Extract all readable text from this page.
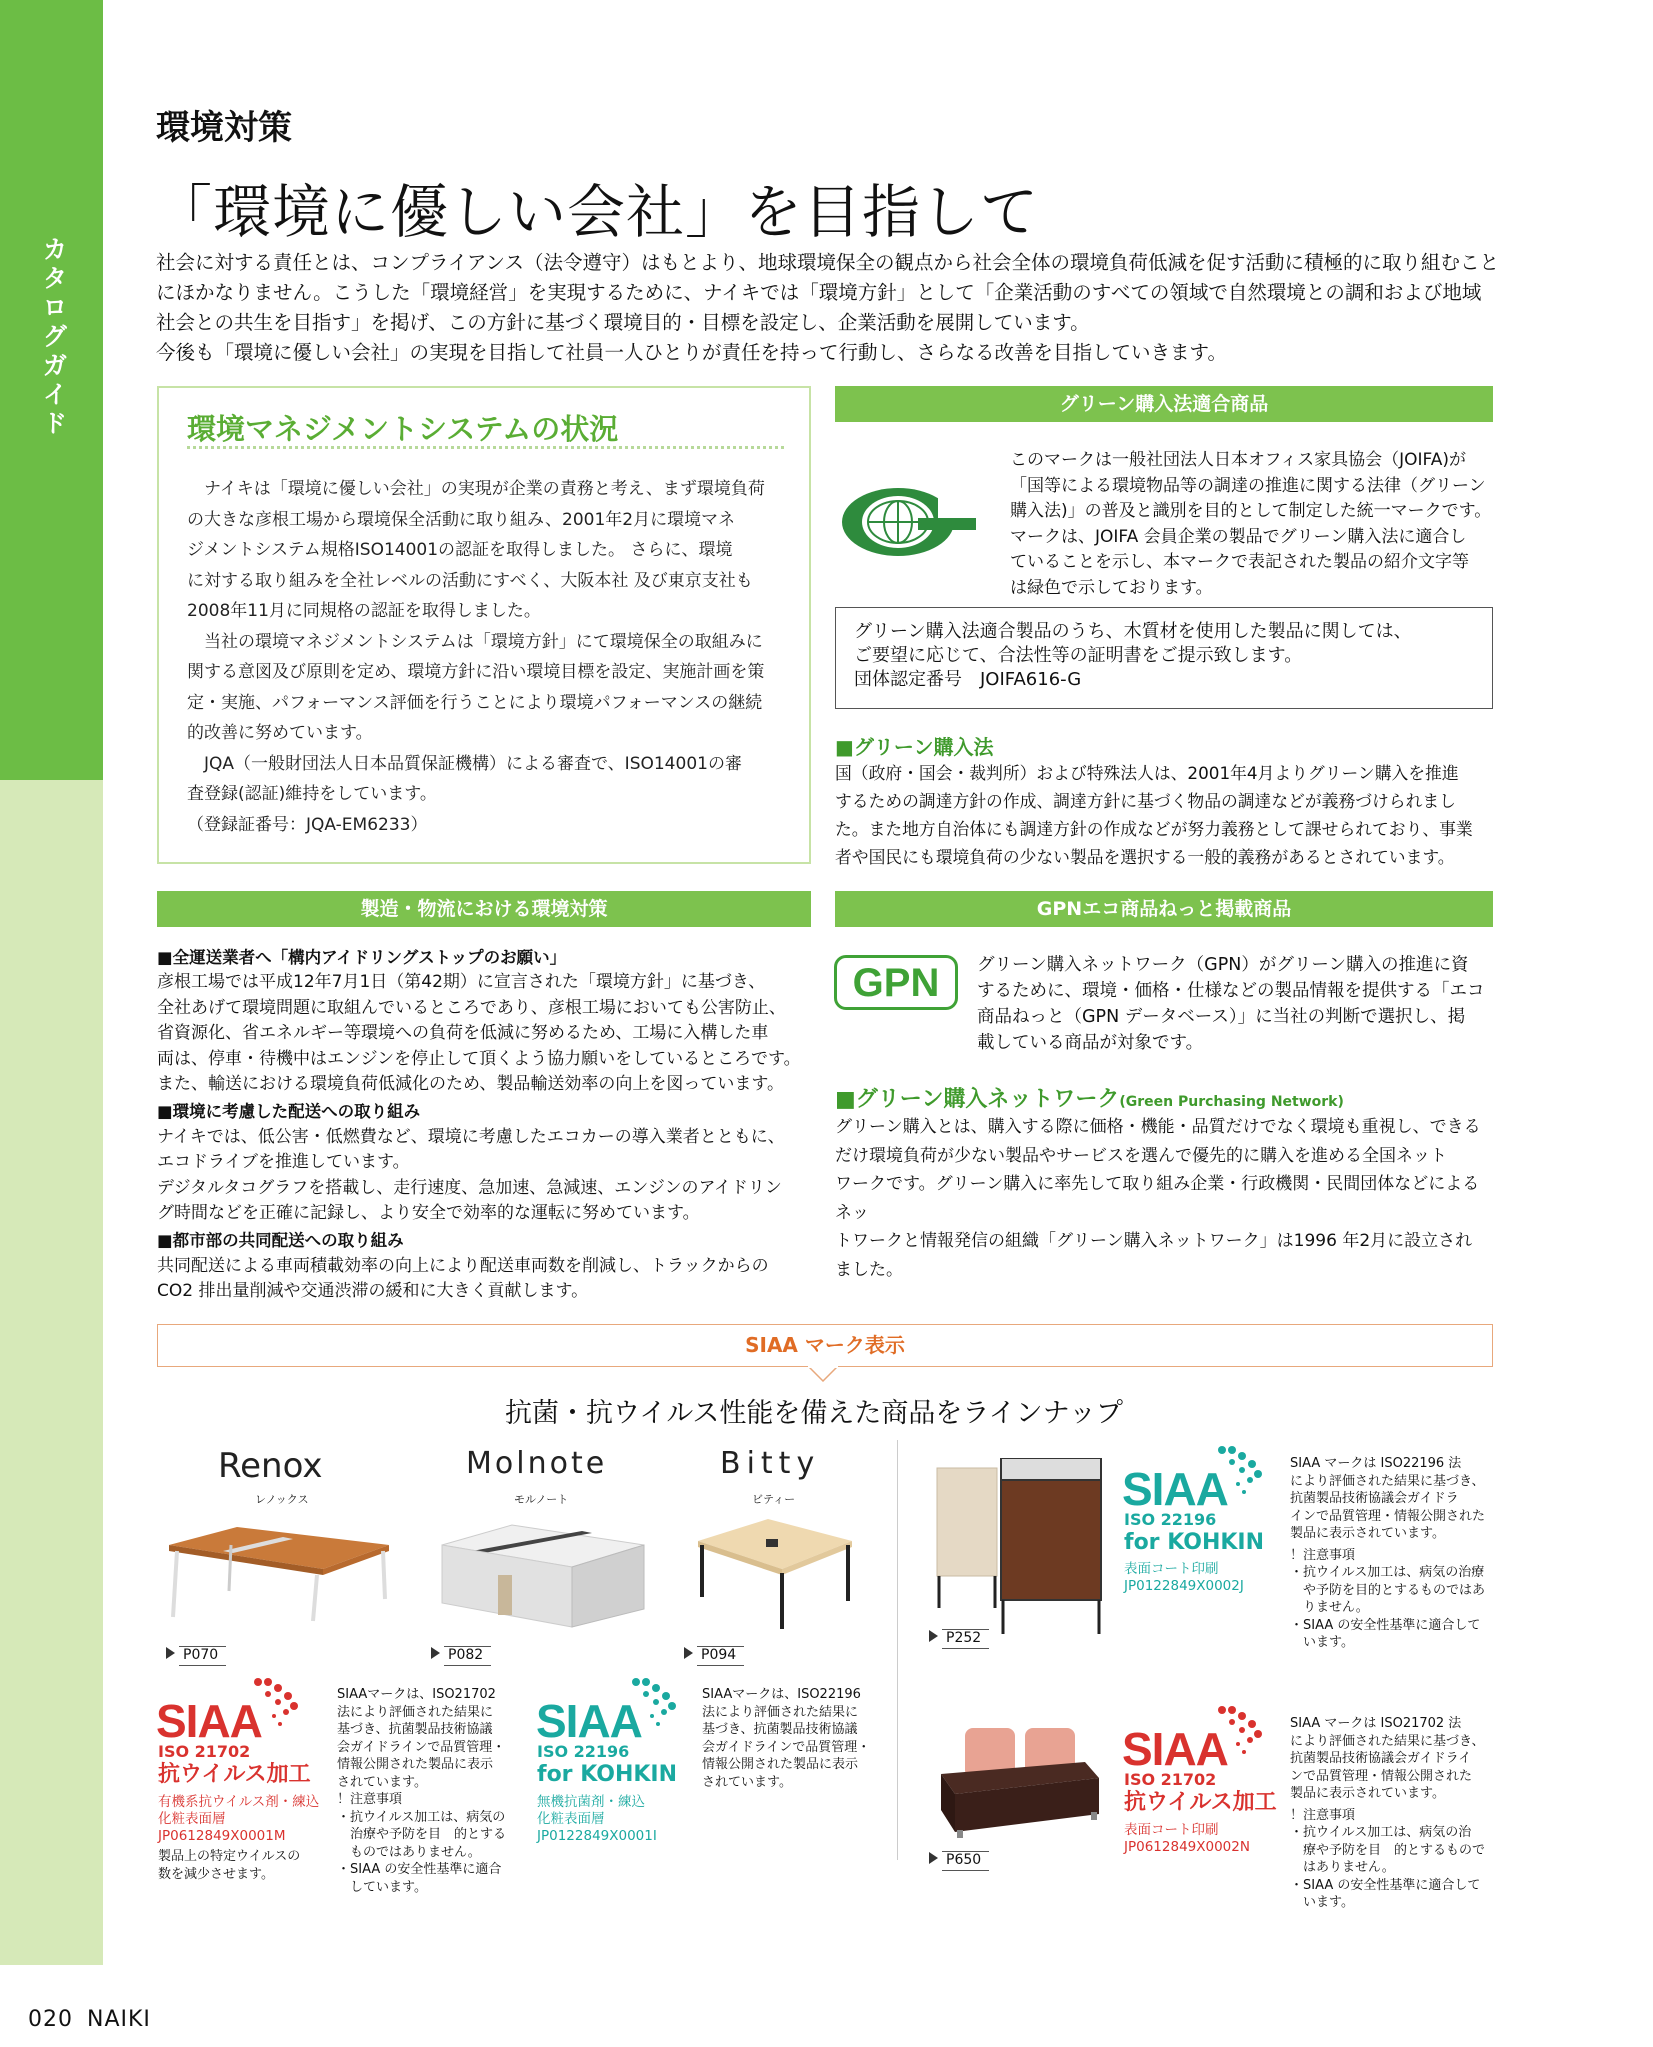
カタログガイド
環境対策
「環境に優しい会社」を目指して
社会に対する責任とは、コンプライアンス（法令遵守）はもとより、地球環境保全の観点から社会全体の環境負荷低減を促す活動に積極的に取り組むこと
にほかなりません。こうした「環境経営」を実現するために、ナイキでは「環境方針」として「企業活動のすべての領域で自然環境との調和および地域
社会との共生を目指す」を掲げ、この方針に基づく環境目的・目標を設定し、企業活動を展開しています。
今後も「環境に優しい会社」の実現を目指して社員一人ひとりが責任を持って行動し、さらなる改善を目指していきます。
環境マネジメントシステムの状況

　ナイキは「環境に優しい会社」の実現が企業の責務と考え、まず環境負荷

の大きな彦根工場から環境保全活動に取り組み、2001年2月に環境マネ

ジメントシステム規格ISO14001の認証を取得しました。 さらに、環境

に対する取り組みを全社レベルの活動にすべく、大阪本社 及び東京支社も

2008年11月に同規格の認証を取得しました。

　当社の環境マネジメントシステムは「環境方針」にて環境保全の取組みに

関する意図及び原則を定め、環境方針に沿い環境目標を設定、実施計画を策

定・実施、パフォーマンス評価を行うことにより環境パフォーマンスの継続

的改善に努めています。

　JQA（一般財団法人日本品質保証機構）による審査で、ISO14001の審

査登録(認証)維持をしています。

（登録証番号：JQA-EM6233）

グリーン購入法適合商品
このマークは一般社団法人日本オフィス家具協会（JOIFA)が
「国等による環境物品等の調達の推進に関する法律（グリーン
購入法)」の普及と識別を目的として制定した統一マークです。
マークは、JOIFA 会員企業の製品でグリーン購入法に適合し
ていることを示し、本マークで表記された製品の紹介文字等
は緑色で示しております。
グリーン購入法適合製品のうち、木質材を使用した製品に関しては、
ご要望に応じて、合法性等の証明書をご提示致します。
団体認定番号　JOIFA616-G
■グリーン購入法
国（政府・国会・裁判所）および特殊法人は、2001年4月よりグリーン購入を推進
するための調達方針の作成、調達方針に基づく物品の調達などが義務づけられまし
た。また地方自治体にも調達方針の作成などが努力義務として課せられており、事業
者や国民にも環境負荷の少ない製品を選択する一般的義務があるとされています。
製造・物流における環境対策
■全運送業者へ「構内アイドリングストップのお願い」
彦根工場では平成12年7月1日（第42期）に宣言された「環境方針」に基づき、
全社あげて環境問題に取組んでいるところであり、彦根工場においても公害防止、
省資源化、省エネルギー等環境への負荷を低減に努めるため、工場に入構した車
両は、停車・待機中はエンジンを停止して頂くよう協力願いをしているところです。
また、輸送における環境負荷低減化のため、製品輸送効率の向上を図っています。
■環境に考慮した配送への取り組み
ナイキでは、低公害・低燃費など、環境に考慮したエコカーの導入業者とともに、
エコドライブを推進しています。
デジタルタコグラフを搭載し、走行速度、急加速、急減速、エンジンのアイドリン
グ時間などを正確に記録し、より安全で効率的な運転に努めています。
■都市部の共同配送への取り組み
共同配送による車両積載効率の向上により配送車両数を削減し、トラックからの
CO2 排出量削減や交通渋滞の緩和に大きく貢献します。
GPNエコ商品ねっと掲載商品
GPN	グリーン購入ネットワーク（GPN）がグリーン購入の推進に資
するために、環境・価格・仕様などの製品情報を提供する「エコ
商品ねっと（GPN データベース）」に当社の判断で選択し、掲
載している商品が対象です。
■グリーン購入ネットワーク(Green Purchasing Network)
グリーン購入とは、購入する際に価格・機能・品質だけでなく環境も重視し、できる
だけ環境負荷が少ない製品やサービスを選んで優先的に購入を進める全国ネット
ワークです。グリーン購入に率先して取り組み企業・行政機関・民間団体などによるネッ
トワークと情報発信の組織「グリーン購入ネットワーク」は1996 年2月に設立され
ました。
SIAA マーク表示
抗菌・抗ウイルス性能を備えた商品をラインナップ
Renox
レノックス
Molnote
モルノート
Bitty
ビティー
P070	P082	P094
SIAA
ISO 21702
抗ウイルス加工
有機系抗ウイルス剤・練込
化粧表面層
JP0612849X0001M
製品上の特定ウイルスの
数を減少させます。
SIAAマークは、ISO21702
法により評価された結果に
基づき、抗菌製品技術協議
会ガイドラインで品質管理・
情報公開された製品に表示
されています。
！注意事項
・抗ウイルス加工は、病気の
　治療や予防を目　的とする
　ものではありません。
・SIAA の安全性基準に適合
　しています。
SIAA
ISO 22196
for KOHKIN
無機抗菌剤・練込
化粧表面層
JP0122849X0001I
SIAAマークは、ISO22196
法により評価された結果に
基づき、抗菌製品技術協議
会ガイドラインで品質管理・
情報公開された製品に表示
されています。
P252
SIAA
ISO 22196
for KOHKIN
表面コート印刷
JP0122849X0002J
SIAA マークは ISO22196 法
により評価された結果に基づき、
抗菌製品技術協議会ガイドラ
インで品質管理・情報公開された
製品に表示されています。
！注意事項
・抗ウイルス加工は、病気の治療
　や予防を目的とするものではあ
　りません。
・SIAA の安全性基準に適合して
　います。
P650
SIAA
ISO 21702
抗ウイルス加工
表面コート印刷
JP0612849X0002N
SIAA マークは ISO21702 法
により評価された結果に基づき、
抗菌製品技術協議会ガイドライ
ンで品質管理・情報公開された
製品に表示されています。
！注意事項
・抗ウイルス加工は、病気の治
　療や予防を目　的とするもので
　はありません。
・SIAA の安全性基準に適合して
　います。
020 NAIKI
